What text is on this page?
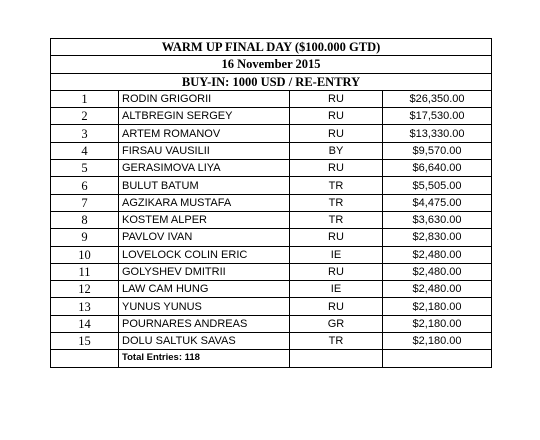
WARM UP FINAL DAY ($100.000 GTD)			
16 November 2015			
BUY-IN: 1000 USD / RE-ENTRY			
1	RODIN GRIGORII	RU	$26,350.00
2	ALTBREGIN SERGEY	RU	$17,530.00
3	ARTEM ROMANOV	RU	$13,330.00
4	FIRSAU VAUSILII	BY	$9,570.00
5	GERASIMOVA LIYA	RU	$6,640.00
6	BULUT BATUM	TR	$5,505.00
7	AGZIKARA MUSTAFA	TR	$4,475.00
8	KOSTEM ALPER	TR	$3,630.00
9	PAVLOV IVAN	RU	$2,830.00
10	LOVELOCK COLIN ERIC	IE	$2,480.00
11	GOLYSHEV DMITRII	RU	$2,480.00
12	LAW CAM HUNG	IE	$2,480.00
13	YUNUS YUNUS	RU	$2,180.00
14	POURNARES ANDREAS	GR	$2,180.00
15	DOLU SALTUK SAVAS	TR	$2,180.00
	Total Entries: 118		
